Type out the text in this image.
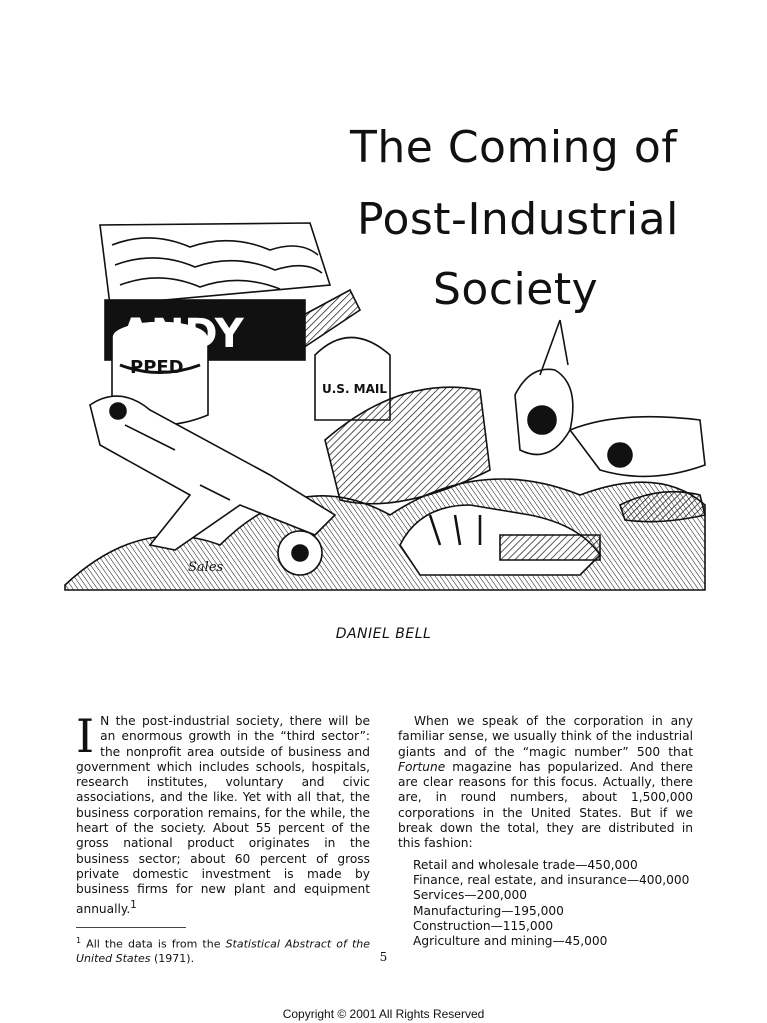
The Coming of
Post-Industrial
Society
ANDY
PPED
U.S. MAIL
Sales
DANIEL BELL

I N the post-industrial society, there will be an enormous growth in the “third sector”: the nonprofit area outside of business and government which includes schools, hospitals, research institutes, voluntary and civic associations, and the like. Yet with all that, the business corporation remains, for the while, the heart of the society. About 55 percent of the gross national product originates in the business sector; about 60 percent of gross private domestic investment is made by business firms for new plant and equipment annually.$^1$

$^1$ All the data is from the Statistical Abstract of the United States (1971).

When we speak of the corporation in any familiar sense, we usually think of the industrial giants and of the “magic number” 500 that Fortune magazine has popularized. And there are clear reasons for this focus. Actually, there are, in round numbers, about 1,500,000 corporations in the United States. But if we break down the total, they are distributed in this fashion:

Retail and wholesale trade—450,000
Finance, real estate, and insurance—400,000
Services—200,000
Manufacturing—195,000
Construction—115,000
Agriculture and mining—45,000
5
Copyright © 2001 All Rights Reserved
